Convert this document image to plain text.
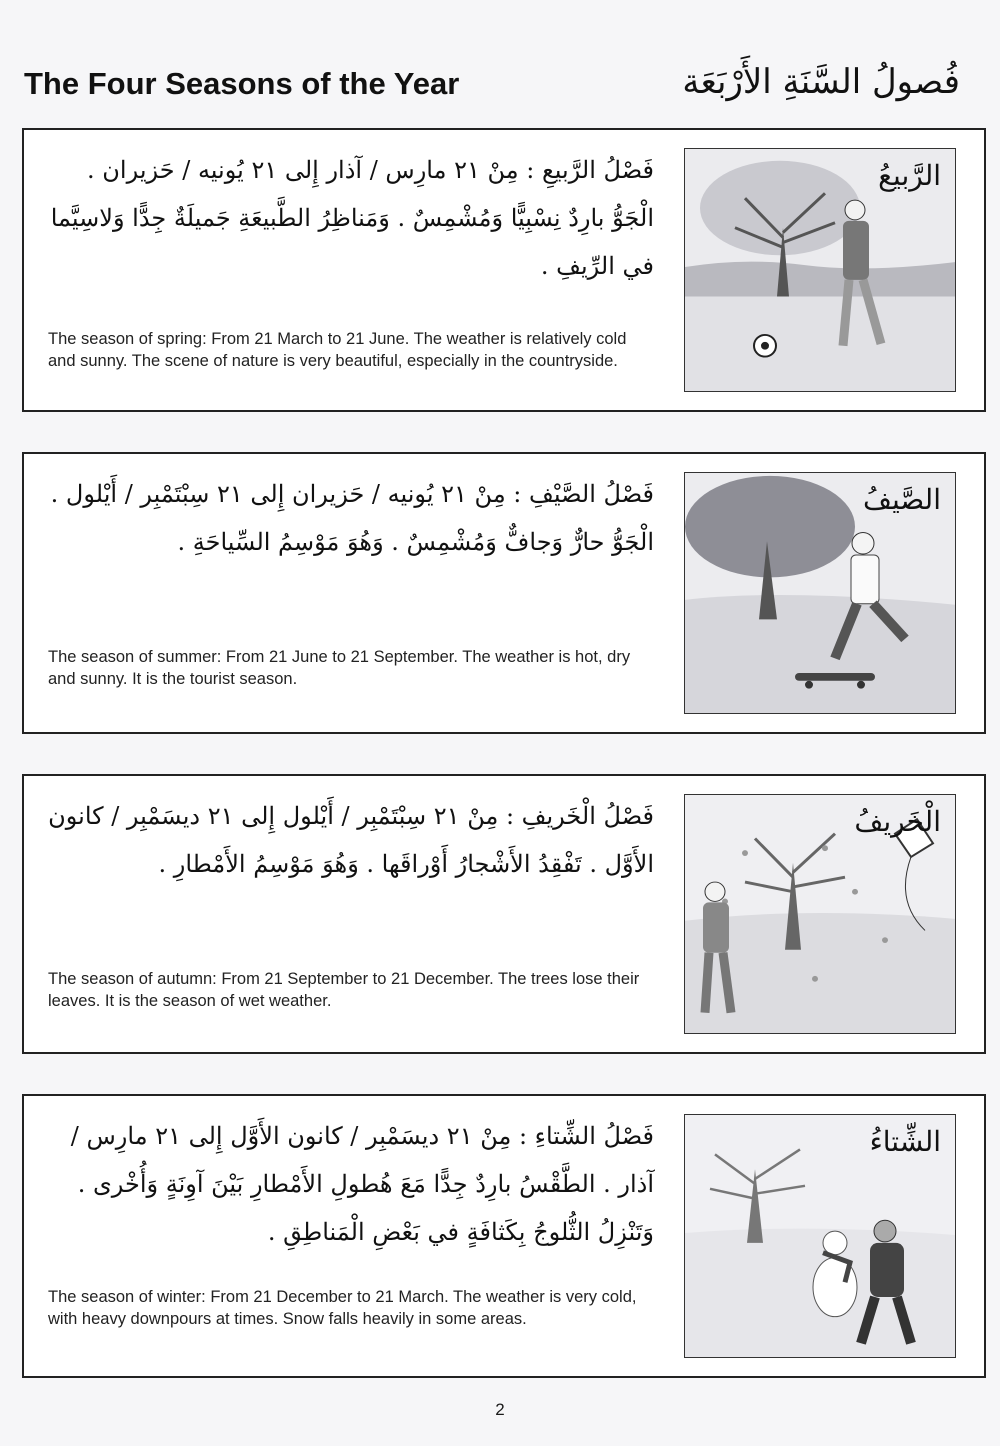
The Four Seasons of the Year	فُصولُ السَّنَةِ الأَرْبَعَة
فَصْلُ الرَّبيعِ : مِنْ ٢١ مارِس / آذار إِلى ٢١ يُونيه / حَزيران . الْجَوُّ بارِدٌ نِسْبِيًّا وَمُشْمِسٌ . وَمَناظِرُ الطَّبيعَةِ جَميلَةٌ جِدًّا وَلاسِيَّما في الرِّيفِ .
The season of spring: From 21 March to 21 June. The weather is relatively cold and sunny. The scene of nature is very beautiful, especially in the countryside.
الرَّبيعُ
فَصْلُ الصَّيْفِ : مِنْ ٢١ يُونيه / حَزيران إِلى ٢١ سِبْتَمْبِر / أَيْلول . الْجَوُّ حارٌّ وَجافٌّ وَمُشْمِسٌ . وَهُوَ مَوْسِمُ السِّياحَةِ .
The season of summer: From 21 June to 21 September. The weather is hot, dry and sunny. It is the tourist season.
الصَّيفُ
فَصْلُ الْخَريفِ : مِنْ ٢١ سِبْتَمْبِر / أَيْلول إِلى ٢١ ديسَمْبِر / كانون الأَوَّل . تَفْقِدُ الأَشْجارُ أَوْراقَها . وَهُوَ مَوْسِمُ الأَمْطارِ .
The season of autumn: From 21 September to 21 December. The trees lose their leaves. It is the season of wet weather.
الْخَريفُ
فَصْلُ الشِّتاءِ : مِنْ ٢١ ديسَمْبِر / كانون الأَوَّل إِلى ٢١ مارِس / آذار . الطَّقْسُ بارِدٌ جِدًّا مَعَ هُطولِ الأَمْطارِ بَيْنَ آوِنَةٍ وَأُخْرى . وَتَنْزِلُ الثُّلوجُ بِكَثافَةٍ في بَعْضِ الْمَناطِقِ .
The season of winter: From 21 December to 21 March. The weather is very cold, with heavy downpours at times. Snow falls heavily in some areas.
الشِّتاءُ
2
